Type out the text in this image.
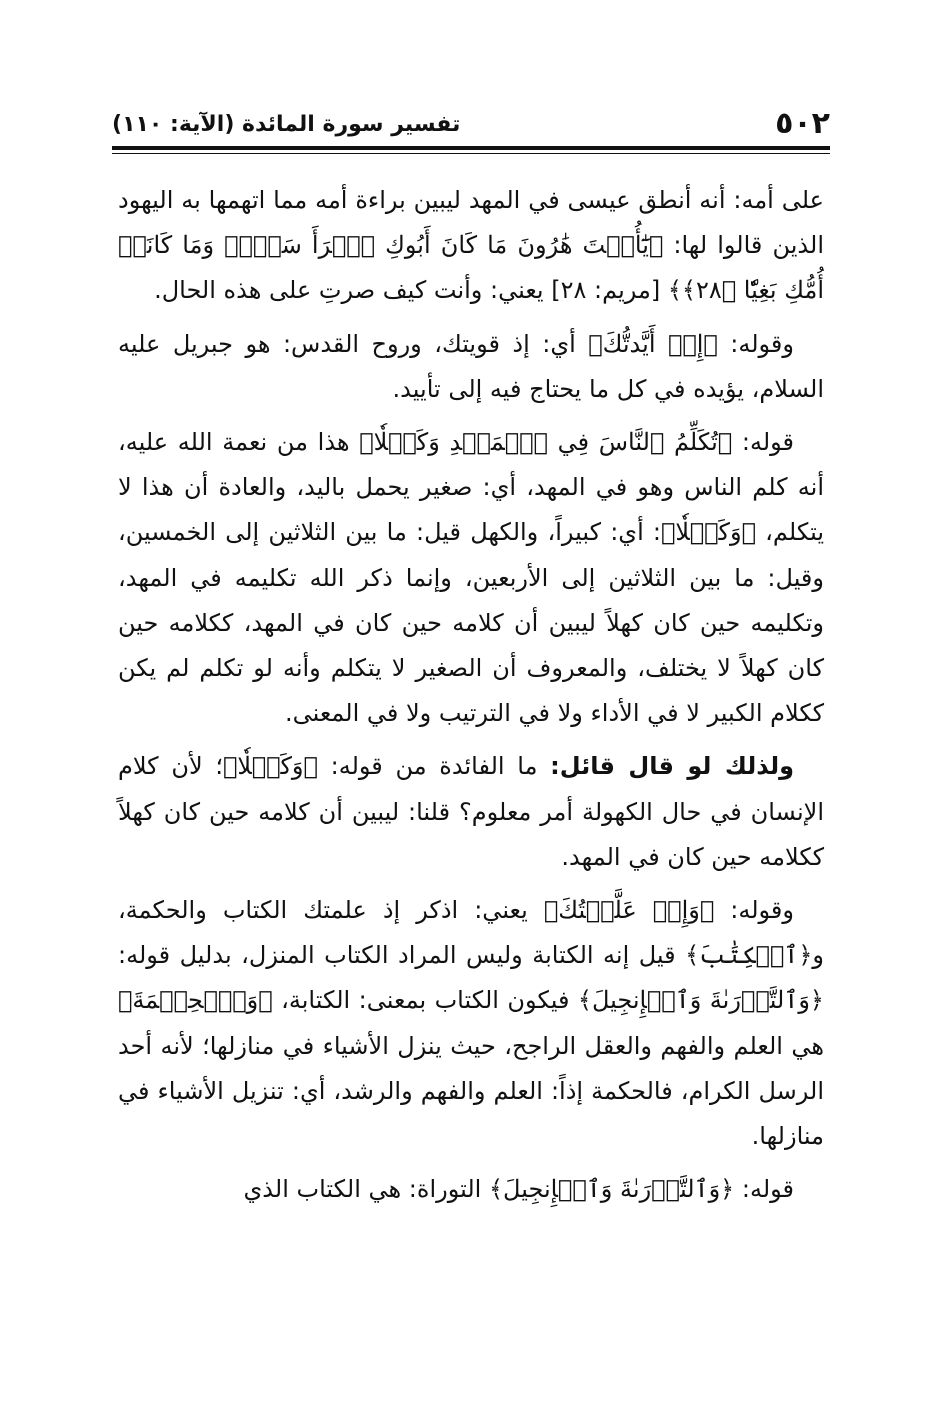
٥٠٢
تفسير سورة المائدة (الآية: ١١٠)

على أمه: أنه أنطق عيسى في المهد ليبين براءة أمه مما اتهمها به اليهود الذين قالوا لها: ﴿يَٰٓأُخۡتَ هَٰرُونَ مَا كَانَ أَبُوكِ ٱمۡرَأَ سَوۡءٖ وَمَا كَانَتۡ أُمُّكِ بَغِيّٗا ﴿٢٨﴾﴾ [مريم: ٢٨] يعني: وأنت كيف صرتِ على هذه الحال.

وقوله: ﴿إِذۡ أَيَّدتُّكَ﴾ أي: إذ قويتك، وروح القدس: هو جبريل عليه السلام، يؤيده في كل ما يحتاج فيه إلى تأييد.

قوله: ﴿تُكَلِّمُ ٱلنَّاسَ فِي ٱلۡمَهۡدِ وَكَهۡلٗا﴾ هذا من نعمة الله عليه، أنه كلم الناس وهو في المهد، أي: صغير يحمل باليد، والعادة أن هذا لا يتكلم، ﴿وَكَهۡلٗا﴾: أي: كبيراً، والكهل قيل: ما بين الثلاثين إلى الخمسين، وقيل: ما بين الثلاثين إلى الأربعين، وإنما ذكر الله تكليمه في المهد، وتكليمه حين كان كهلاً ليبين أن كلامه حين كان في المهد، ككلامه حين كان كهلاً لا يختلف، والمعروف أن الصغير لا يتكلم وأنه لو تكلم لم يكن ككلام الكبير لا في الأداء ولا في الترتيب ولا في المعنى.

ولذلك لو قال قائل: ما الفائدة من قوله: ﴿وَكَهۡلٗا﴾؛ لأن كلام الإنسان في حال الكهولة أمر معلوم؟ قلنا: ليبين أن كلامه حين كان كهلاً ككلامه حين كان في المهد.

وقوله: ﴿وَإِذۡ عَلَّمۡتُكَ﴾ يعني: اذكر إذ علمتك الكتاب والحكمة، و﴿ٱلۡكِتَٰبَ﴾ قيل إنه الكتابة وليس المراد الكتاب المنزل، بدليل قوله: ﴿وَٱلتَّوۡرَىٰةَ وَٱلۡإِنجِيلَ﴾ فيكون الكتاب بمعنى: الكتابة، ﴿وَٱلۡحِكۡمَةَ﴾ هي العلم والفهم والعقل الراجح، حيث ينزل الأشياء في منازلها؛ لأنه أحد الرسل الكرام، فالحكمة إذاً: العلم والفهم والرشد، أي: تنزيل الأشياء في منازلها.

قوله: ﴿وَٱلتَّوۡرَىٰةَ وَٱلۡإِنجِيلَ﴾ التوراة: هي الكتاب الذي
